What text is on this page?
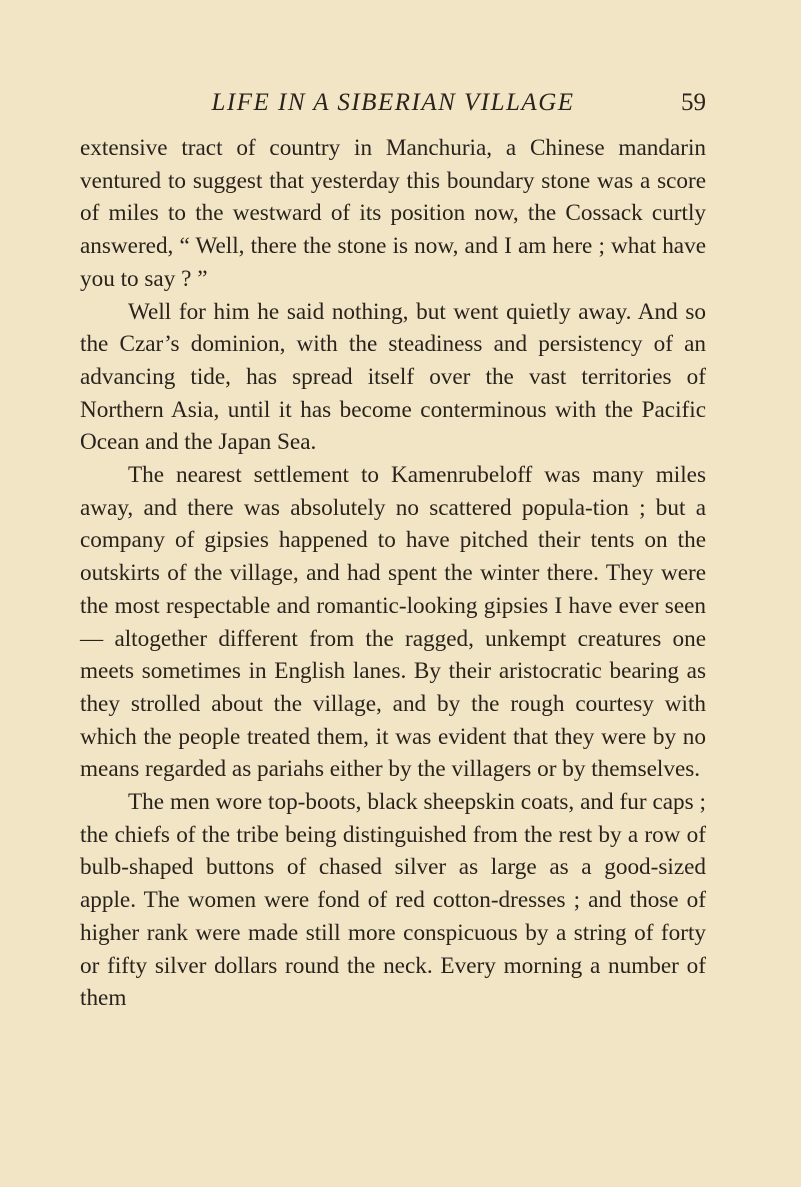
LIFE IN A SIBERIAN VILLAGE	59

extensive tract of country in Manchuria, a Chinese mandarin ventured to suggest that yesterday this boundary stone was a score of miles to the westward of its position now, the Cossack curtly answered, “ Well, there the stone is now, and I am here ; what have you to say ? ”

Well for him he said nothing, but went quietly away. And so the Czar’s dominion, with the steadiness and persistency of an advancing tide, has spread itself over the vast territories of Northern Asia, until it has become conterminous with the Pacific Ocean and the Japan Sea.

The nearest settlement to Kamenrubeloff was many miles away, and there was absolutely no scattered popula-tion ; but a company of gipsies happened to have pitched their tents on the outskirts of the village, and had spent the winter there. They were the most respectable and romantic-looking gipsies I have ever seen — altogether different from the ragged, unkempt creatures one meets sometimes in English lanes. By their aristocratic bearing as they strolled about the village, and by the rough courtesy with which the people treated them, it was evident that they were by no means regarded as pariahs either by the villagers or by themselves.

The men wore top-boots, black sheepskin coats, and fur caps ; the chiefs of the tribe being distinguished from the rest by a row of bulb-shaped buttons of chased silver as large as a good-sized apple. The women were fond of red cotton-dresses ; and those of higher rank were made still more conspicuous by a string of forty or fifty silver dollars round the neck. Every morning a number of them
